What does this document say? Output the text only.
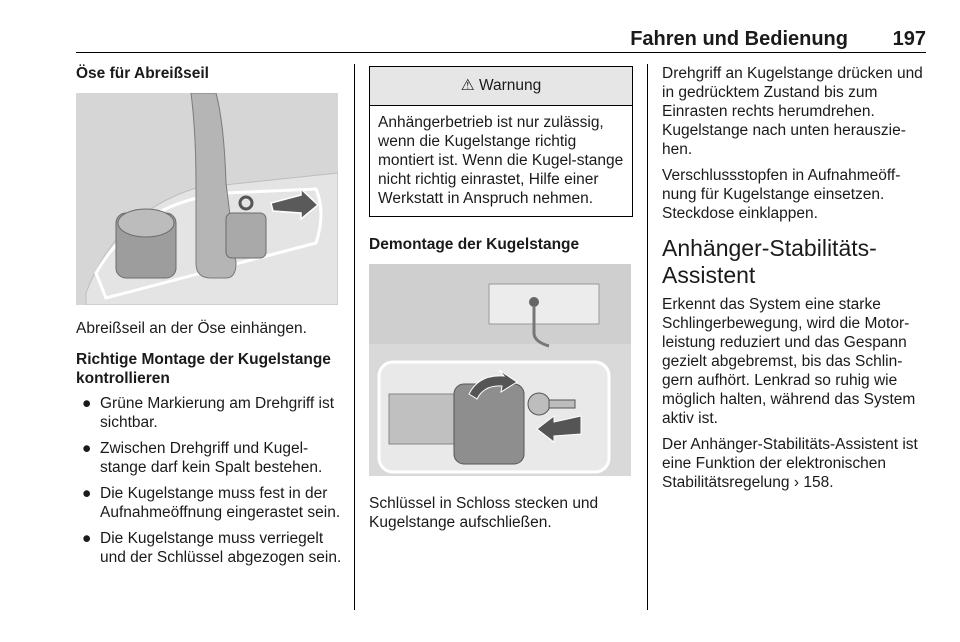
Fahren und Bedienung 197
Öse für Abreißseil

Abreißseil an der Öse einhängen.

Richtige Montage der Kugelstange kontrollieren
● Grüne Markierung am Drehgriff ist sichtbar.
● Zwischen Drehgriff und Kugel-stange darf kein Spalt bestehen.
● Die Kugelstange muss fest in der Aufnahmeöffnung eingerastet sein.
● Die Kugelstange muss verriegelt und der Schlüssel abgezogen sein.
⚠ Warnung
Anhängerbetrieb ist nur zulässig, wenn die Kugelstange richtig montiert ist. Wenn die Kugel-stange nicht richtig einrastet, Hilfe einer Werkstatt in Anspruch nehmen.
Demontage der Kugelstange

Schlüssel in Schloss stecken und Kugelstange aufschließen.

Drehgriff an Kugelstange drücken und in gedrücktem Zustand bis zum Einrasten rechts herumdrehen. Kugelstange nach unten herauszie-hen.

Verschlussstopfen in Aufnahmeöff-nung für Kugelstange einsetzen. Steckdose einklappen.

Anhänger-Stabilitäts-Assistent

Erkennt das System eine starke Schlingerbewegung, wird die Motor-leistung reduziert und das Gespann gezielt abgebremst, bis das Schlin-gern aufhört. Lenkrad so ruhig wie möglich halten, während das System aktiv ist.

Der Anhänger-Stabilitäts-Assistent ist eine Funktion der elektronischen Stabilitätsregelung › 158.
